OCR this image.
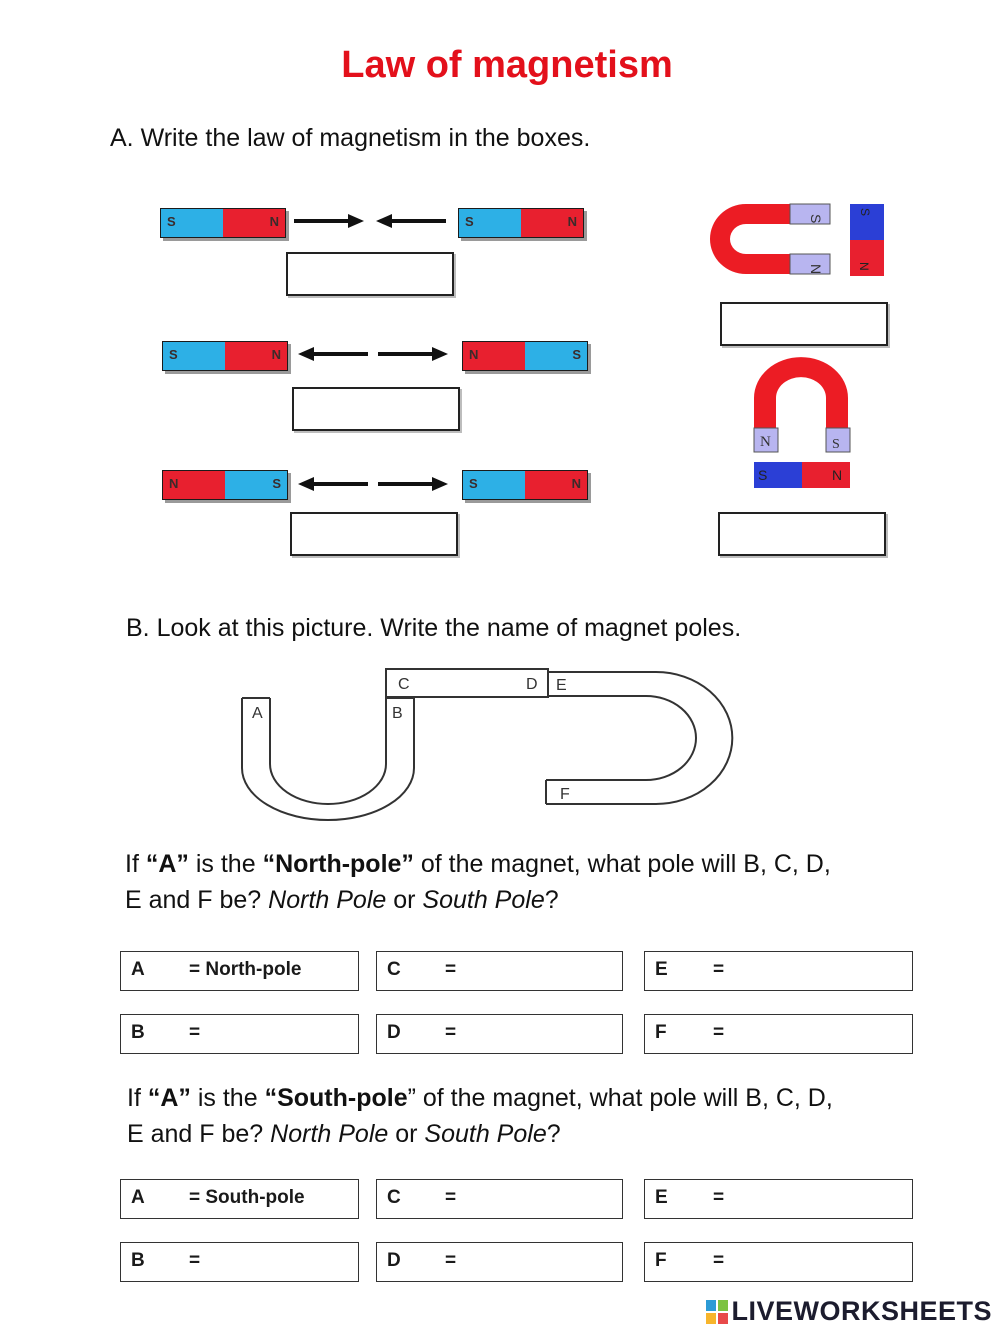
Law of magnetism
A. Write the law of magnetism in the boxes.
S	N	S	N
S	N	N	S
N	S	S	N
S
N
S
N
N	S
S	N
B. Look at this picture. Write the name of magnet poles.
A	B
C	D E
F
If “A” is the “North-pole” of the magnet, what pole will B, C, D,
E and F be? North Pole or South Pole?
A = North-pole	C =	E =
B =	D =	F =
If “A” is the “South-pole” of the magnet, what pole will B, C, D,
E and F be? North Pole or South Pole?
A = South-pole	C =	E =
B =	D =	F =
LIVEWORKSHEETS
